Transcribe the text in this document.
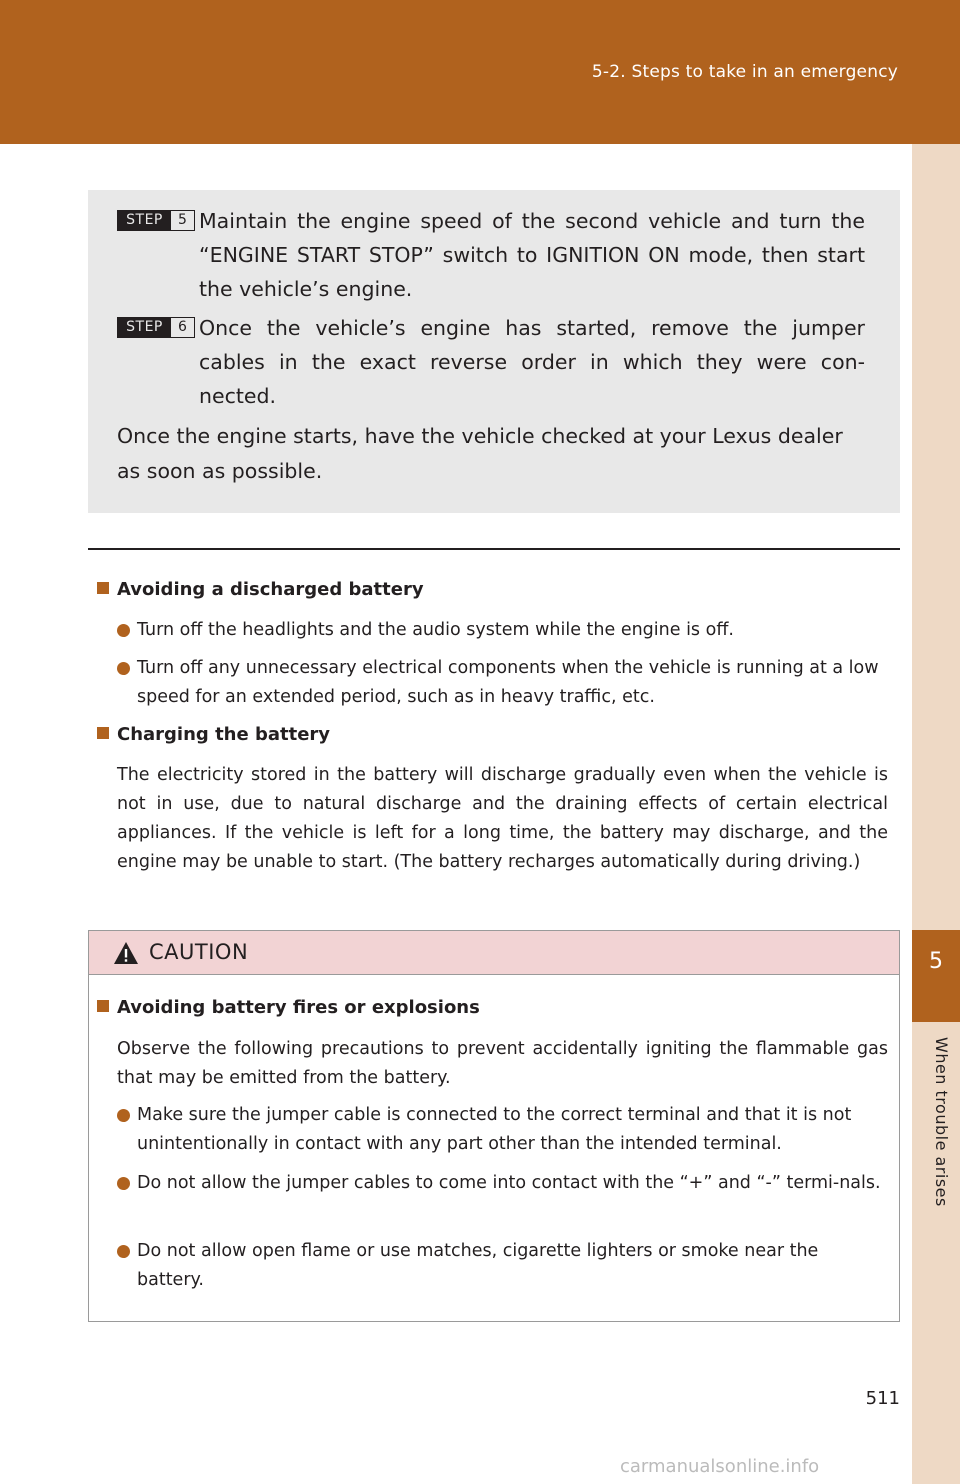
5-2. Steps to take in an emergency
5
When trouble arises
STEP	5 Maintain the engine speed of the second vehicle and turn the “ENGINE START STOP” switch to IGNITION ON mode, then start the vehicle’s engine.
STEP	6 Once the vehicle’s engine has started, remove the jumper cables in the exact reverse order in which they were con-nected.
Once the engine starts, have the vehicle checked at your Lexus dealer as soon as possible.
Avoiding a discharged battery
Turn off the headlights and the audio system while the engine is off.
Turn off any unnecessary electrical components when the vehicle is running at a low speed for an extended period, such as in heavy traffic, etc.
Charging the battery
The electricity stored in the battery will discharge gradually even when the vehicle is not in use, due to natural discharge and the draining effects of certain electrical appliances. If the vehicle is left for a long time, the battery may discharge, and the engine may be unable to start. (The battery recharges automatically during driving.)
CAUTION
Avoiding battery fires or explosions
Observe the following precautions to prevent accidentally igniting the flammable gas that may be emitted from the battery.
Make sure the jumper cable is connected to the correct terminal and that it is not unintentionally in contact with any part other than the intended terminal.
Do not allow the jumper cables to come into contact with the “+” and “-” termi-nals.
Do not allow open flame or use matches, cigarette lighters or smoke near the battery.
511
carmanualsonline.info
